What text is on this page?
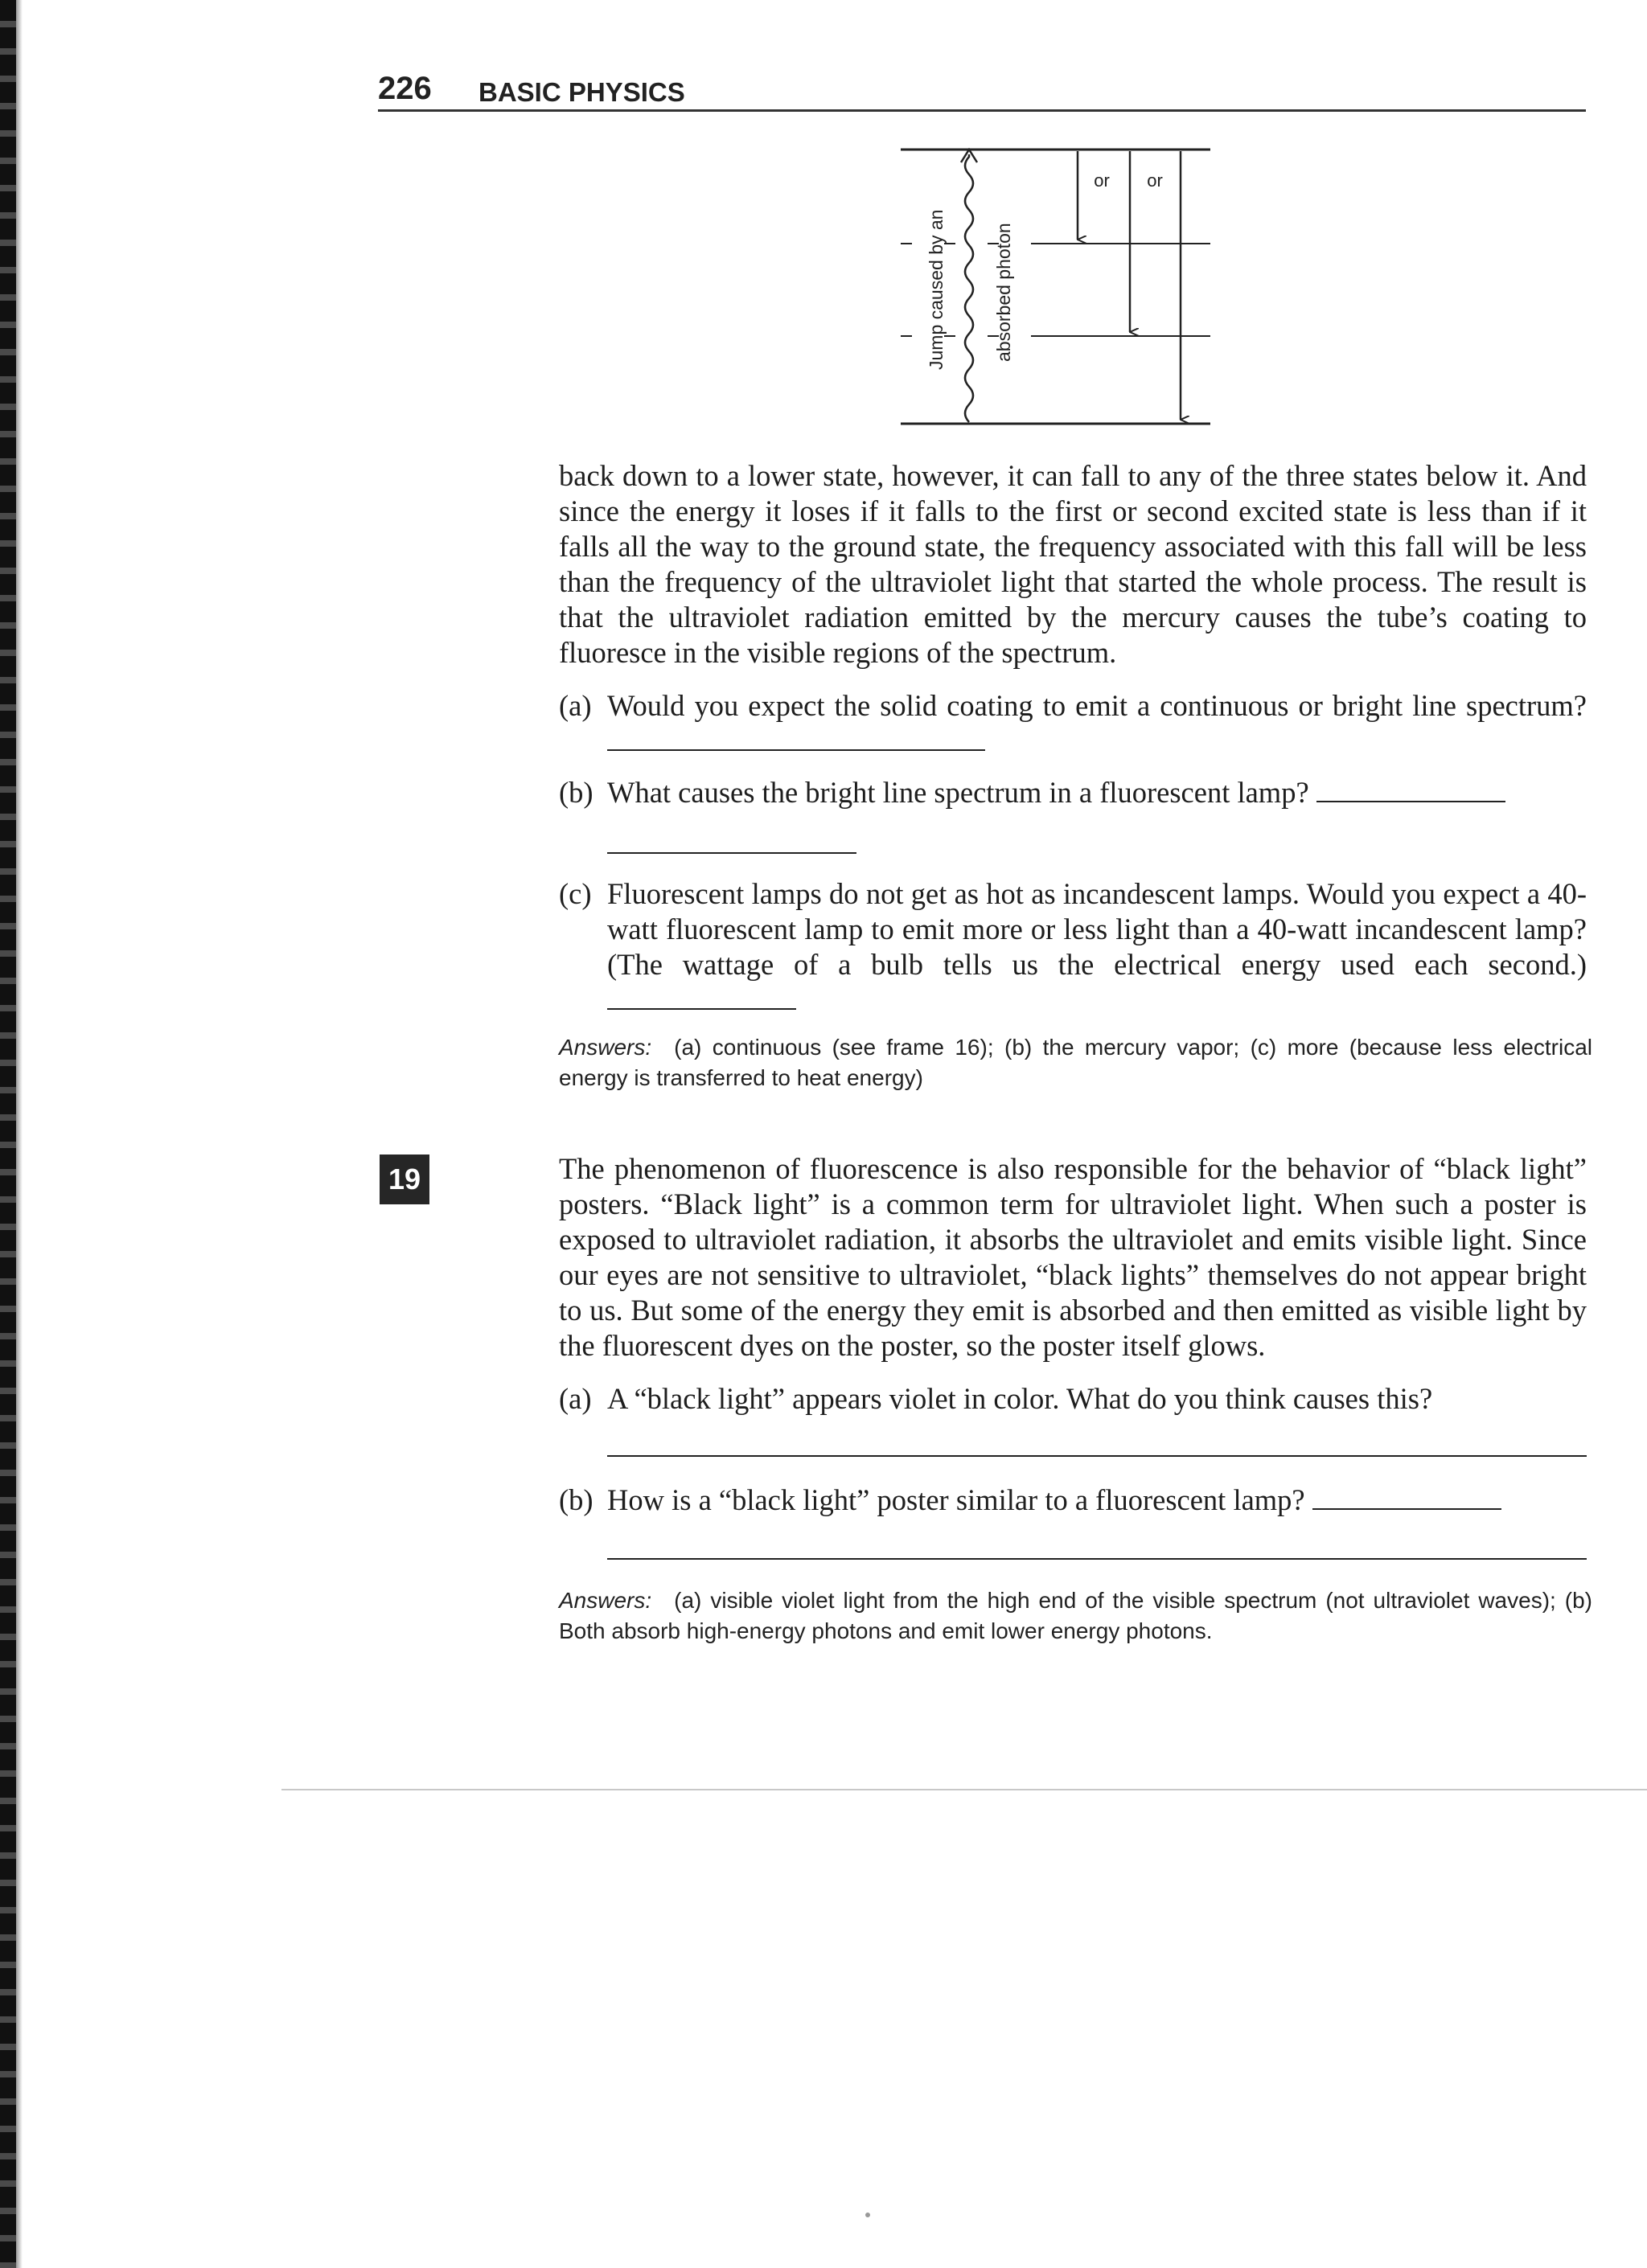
226 BASIC PHYSICS
Jump caused by an	absorbed photon
or or

back down to a lower state, however, it can fall to any of the three states below it. And since the energy it loses if it falls to the first or second excited state is less than if it falls all the way to the ground state, the frequency associated with this fall will be less than the frequency of the ultraviolet light that started the whole process. The result is that the ultraviolet radiation emitted by the mercury causes the tube’s coating to fluoresce in the visible regions of the spectrum.

(a) Would you expect the solid coating to emit a continuous or bright line spectrum?
(b) What causes the bright line spectrum in a fluorescent lamp?
(c) Fluorescent lamps do not get as hot as incandescent lamps. Would you expect a 40-watt fluorescent lamp to emit more or less light than a 40-watt incandescent lamp? (The wattage of a bulb tells us the electrical energy used each second.)
Answers: (a) continuous (see frame 16); (b) the mercury vapor; (c) more (because less electrical energy is transferred to heat energy)
19	The phenomenon of fluorescence is also responsible for the behavior of “black light” posters. “Black light” is a common term for ultraviolet light. When such a poster is exposed to ultraviolet radiation, it absorbs the ultraviolet and emits visible light. Since our eyes are not sensitive to ultraviolet, “black lights” themselves do not appear bright to us. But some of the energy they emit is absorbed and then emitted as visible light by the fluorescent dyes on the poster, so the poster itself glows.

(a) A “black light” appears violet in color. What do you think causes this?
(b) How is a “black light” poster similar to a fluorescent lamp?
Answers: (a) visible violet light from the high end of the visible spectrum (not ultraviolet waves); (b) Both absorb high-energy photons and emit lower energy photons.
